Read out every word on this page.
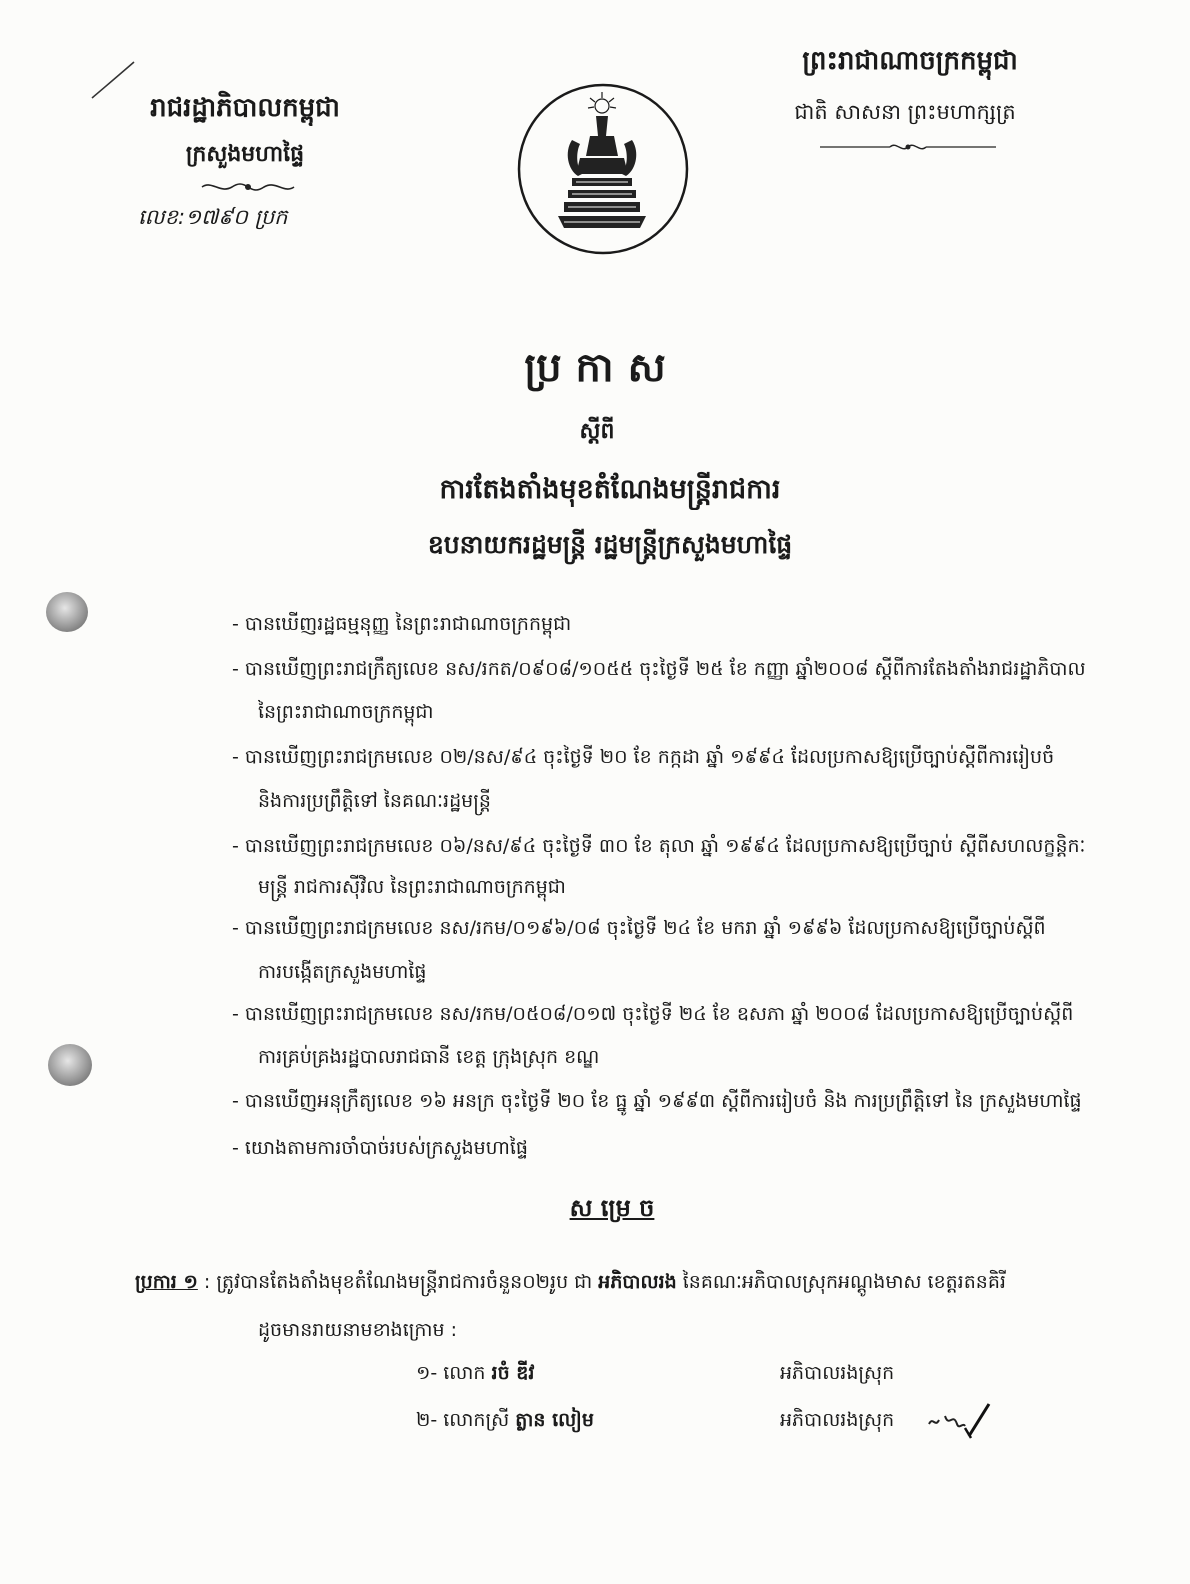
រាជរដ្ឋាភិបាលកម្ពុជា
ក្រសួងមហាផ្ទៃ
លេខ:១៧៩០ ប្រក
ព្រះរាជាណាចក្រកម្ពុជា
ជាតិ សាសនា ព្រះមហាក្សត្រ
ប្រ កា ស
ស្តីពី
ការតែងតាំងមុខតំណែងមន្ត្រីរាជការ
ឧបនាយករដ្ឋមន្ត្រី រដ្ឋមន្ត្រីក្រសួងមហាផ្ទៃ
- បានឃើញរដ្ឋធម្មនុញ្ញ នៃព្រះរាជាណាចក្រកម្ពុជា
- បានឃើញព្រះរាជក្រឹត្យលេខ នស/រកត/០៩០៨/១០៥៥ ចុះថ្ងៃទី ២៥ ខែ កញ្ញា ឆ្នាំ២០០៨ ស្តីពីការតែងតាំងរាជរដ្ឋាភិបាល
នៃព្រះរាជាណាចក្រកម្ពុជា
- បានឃើញព្រះរាជក្រមលេខ ០២/នស/៩៤ ចុះថ្ងៃទី ២០ ខែ កក្កដា ឆ្នាំ ១៩៩៤ ដែលប្រកាសឱ្យប្រើច្បាប់ស្តីពីការរៀបចំ
និងការប្រព្រឹត្តិទៅ នៃគណៈរដ្ឋមន្ត្រី
- បានឃើញព្រះរាជក្រមលេខ ០៦/នស/៩៤ ចុះថ្ងៃទី ៣០ ខែ តុលា ឆ្នាំ ១៩៩៤ ដែលប្រកាសឱ្យប្រើច្បាប់ ស្តីពីសហលក្ខន្តិកៈ
មន្ត្រី រាជការស៊ីវិល នៃព្រះរាជាណាចក្រកម្ពុជា
- បានឃើញព្រះរាជក្រមលេខ នស/រកម/០១៩៦/០៨ ចុះថ្ងៃទី ២៤ ខែ មករា ឆ្នាំ ១៩៩៦ ដែលប្រកាសឱ្យប្រើច្បាប់ស្តីពី
ការបង្កើតក្រសួងមហាផ្ទៃ
- បានឃើញព្រះរាជក្រមលេខ នស/រកម/០៥០៨/០១៧ ចុះថ្ងៃទី ២៤ ខែ ឧសភា ឆ្នាំ ២០០៨ ដែលប្រកាសឱ្យប្រើច្បាប់ស្តីពី
ការគ្រប់គ្រងរដ្ឋបាលរាជធានី ខេត្ត ក្រុងស្រុក ខណ្ឌ
- បានឃើញអនុក្រឹត្យលេខ ១៦ អនក្រ ចុះថ្ងៃទី ២០ ខែ ធ្នូ ឆ្នាំ ១៩៩៣ ស្តីពីការរៀបចំ និង ការប្រព្រឹត្តិទៅ នៃ ក្រសួងមហាផ្ទៃ
- យោងតាមការចាំបាច់របស់ក្រសួងមហាផ្ទៃ
ស ម្រេ ច
ប្រការ ១ : ត្រូវបានតែងតាំងមុខតំណែងមន្ត្រីរាជការចំនួន០២រូប ជា អភិបាលរង នៃគណៈអភិបាលស្រុកអណ្តូងមាស ខេត្តរតនគិរី
ដូចមានរាយនាមខាងក្រោម :
១- លោក រចំ ឌីវ	អភិបាលរងស្រុក
២- លោកស្រី ត្លាន លៀម	អភិបាលរងស្រុក
